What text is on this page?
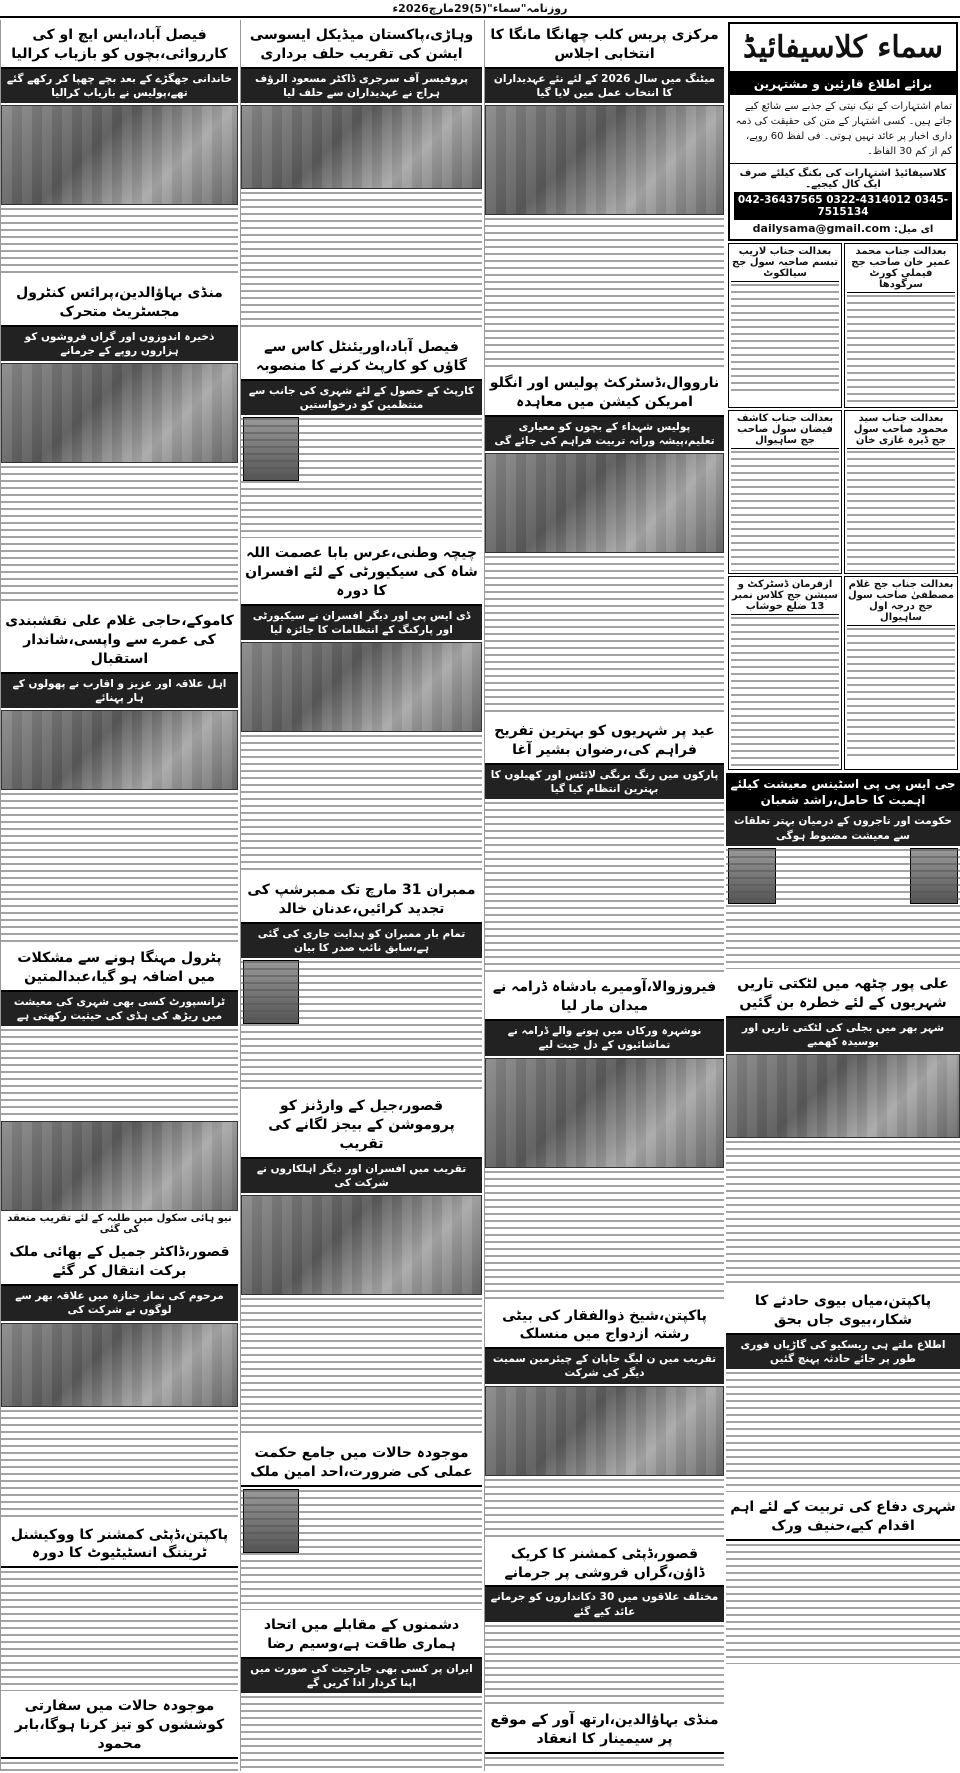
روزنامہ"سماء"(5)29مارچ2026ء
سماء کلاسیفائیڈ
برائے اطلاع قارئین و مشتہرین
تمام اشتہارات کے نیک نیتی کے جذبے سے شائع کیے جاتے ہیں۔ کسی اشتہار کے متن کی حقیقت کی ذمہ داری اخبار پر عائد نہیں ہوتی۔ فی لفظ 60 روپے، کم از کم 30 الفاظ۔
کلاسیفائیڈ اشتہارات کی بکنگ کیلئے صرف ایک کال کیجیے۔
042-36437565 0322-4314012 0345-7515134
ای میل: dailysama@gmail.com
بعدالت جناب محمد عمیر خان صاحب جج فیملی کورٹ سرگودھا
بعدالت جناب لاریب تبسم صاحبہ سول جج سیالکوٹ
بعدالت جناب سید محمود صاحب سول جج ڈیرہ غازی خان
بعدالت جناب کاشف فیضان سول صاحب جج ساہیوال
بعدالت جناب جج غلام مصطفیٰ صاحب سول جج درجہ اول ساہیوال
ازفرمان ڈسٹرکٹ و سیشن جج کلاس نمبر 13 ضلع خوشاب
جی ایس پی پی اسٹینس معیشت کیلئے اہمیت کا حامل،راشد شعبان
حکومت اور تاجروں کے درمیان بہتر تعلقات سے معیشت مضبوط ہوگی
علی پور چٹھہ میں لٹکتی تاریں شہریوں کے لئے خطرہ بن گئیں
شہر بھر میں بجلی کی لٹکتی تاریں اور بوسیدہ کھمبے
پاکپتن،میاں بیوی حادثے کا شکار،بیوی جاں بحق
اطلاع ملتے ہی ریسکیو کی گاڑیاں فوری طور پر جائے حادثہ پہنچ گئیں
شہری دفاع کی تربیت کے لئے اہم اقدام کیے،حنیف ورک
مرکزی پریس کلب چھانگا مانگا کا انتخابی اجلاس
میٹنگ میں سال 2026 کے لئے نئے عہدیداران کا انتخاب عمل میں لایا گیا
نارووال،ڈسٹرکٹ پولیس اور انگلو امریکن کیشن میں معاہدہ
پولیس شہداء کے بچوں کو معیاری تعلیم،پیشہ ورانہ تربیت فراہم کی جائے گی
عید پر شہریوں کو بہترین تفریح فراہم کی،رضوان بشیر آغا
پارکوں میں رنگ برنگی لائٹس اور کھیلوں کا بہترین انتظام کیا گیا
فیروزوالا،آومیرے بادشاہ ڈرامہ نے میدان مار لیا
نوشہرہ ورکاں میں ہونے والے ڈرامہ نے تماشائیوں کے دل جیت لیے
پاکپتن،شیخ ذوالفقار کی بیٹی رشتہ ازدواج میں منسلک
تقریب میں ن لیگ جاپان کے چیئرمین سمیت دیگر کی شرکت
قصور،ڈپٹی کمشنر کا کریک ڈاؤن،گراں فروشی پر جرمانے
مختلف علاقوں میں 30 دکانداروں کو جرمانے عائد کیے گئے
منڈی بہاؤالدین،ارتھ آور کے موقع پر سیمینار کا انعقاد
وہاڑی،پاکستان میڈیکل ایسوسی ایشن کی تقریب حلف برداری
پروفیسر آف سرجری ڈاکٹر مسعود الرؤف ہراج نے عہدیداران سے حلف لیا
فیصل آباد،اوریئنٹل کاس سے گاؤں کو کارپٹ کرنے کا منصوبہ
کارپٹ کے حصول کے لئے شہری کی جانب سے منتظمین کو درخواستیں
چیچہ وطنی،عرس بابا عصمت اللہ شاہ کی سیکیورٹی کے لئے افسران کا دورہ
ڈی ایس پی اور دیگر افسران نے سیکیورٹی اور پارکنگ کے انتظامات کا جائزہ لیا
ممبران 31 مارچ تک ممبرشپ کی تجدید کرائیں،عدنان خالد
تمام بار ممبران کو ہدایت جاری کی گئی ہے،سابق نائب صدر کا بیان
قصور،جیل کے وارڈنز کو پروموشن کے بیجز لگانے کی تقریب
تقریب میں افسران اور دیگر اہلکاروں نے شرکت کی
موجودہ حالات میں جامع حکمت عملی کی ضرورت،احد امین ملک
دشمنوں کے مقابلے میں اتحاد ہماری طاقت ہے،وسیم رضا
ایران پر کسی بھی جارحیت کی صورت میں اپنا کردار ادا کریں گے
فیصل آباد،ایس ایچ او کی کارروائی،بچوں کو بازیاب کرالیا
خاندانی جھگڑے کے بعد بچے چھپا کر رکھے گئے تھے،پولیس نے بازیاب کرالیا
منڈی بہاؤالدین،پرائس کنٹرول مجسٹریٹ متحرک
ذخیرہ اندوزوں اور گراں فروشوں کو ہزاروں روپے کے جرمانے
کاموکے،حاجی غلام علی نقشبندی کی عمرے سے واپسی،شاندار استقبال
اہل علاقہ اور عزیز و اقارب نے پھولوں کے ہار پہنائے
پٹرول مہنگا ہونے سے مشکلات میں اضافہ ہو گیا،عبدالمتین
ٹرانسپورٹ کسی بھی شہری کی معیشت میں ریڑھ کی ہڈی کی حیثیت رکھتی ہے
نیو ہائی سکول میں طلبہ کے لئے تقریب منعقد کی گئی
قصور،ڈاکٹر جمیل کے بھائی ملک برکت انتقال کر گئے
مرحوم کی نماز جنازہ میں علاقہ بھر سے لوگوں نے شرکت کی
پاکپتن،ڈپٹی کمشنر کا ووکیشنل ٹریننگ انسٹیٹیوٹ کا دورہ
موجودہ حالات میں سفارتی کوششوں کو تیز کرنا ہوگا،بابر محمود
